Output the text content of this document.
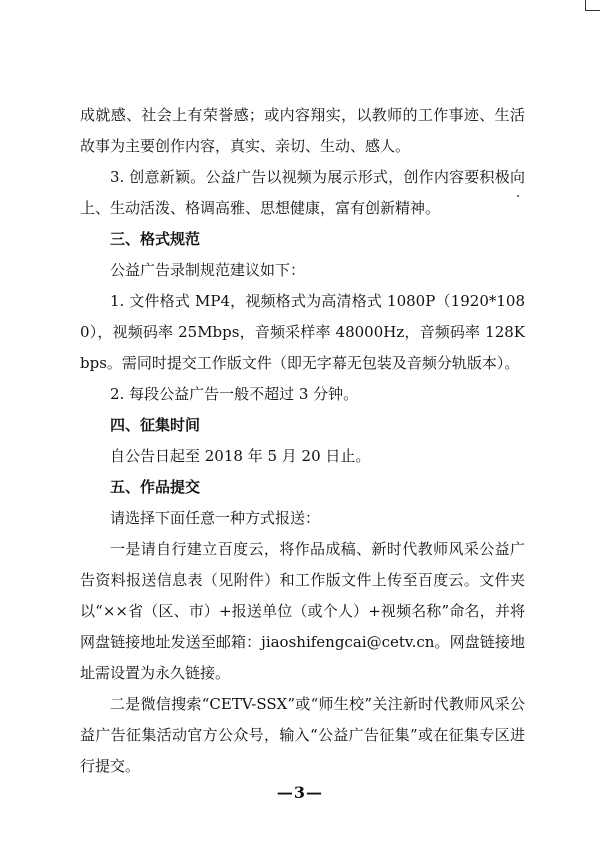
成就感、社会上有荣誉感；或内容翔实，以教师的工作事迹、生活故事为主要创作内容，真实、亲切、生动、感人。

3. 创意新颖。公益广告以视频为展示形式，创作内容要积极向上、生动活泼、格调高雅、思想健康，富有创新精神。

三、格式规范

公益广告录制规范建议如下：

1. 文件格式 MP4，视频格式为高清格式 1080P（1920*1080），视频码率 25Mbps，音频采样率 48000Hz，音频码率 128Kbps。需同时提交工作版文件（即无字幕无包装及音频分轨版本）。

2. 每段公益广告一般不超过 3 分钟。

四、征集时间

自公告日起至 2018 年 5 月 20 日止。

五、作品提交

请选择下面任意一种方式报送：

一是请自行建立百度云，将作品成稿、新时代教师风采公益广告资料报送信息表（见附件）和工作版文件上传至百度云。文件夹以“××省（区、市）+报送单位（或个人）+视频名称”命名，并将网盘链接地址发送至邮箱：jiaoshifengcai@cetv.cn。网盘链接地址需设置为永久链接。

二是微信搜索“CETV-SSX”或“师生校”关注新时代教师风采公益广告征集活动官方公众号，输入“公益广告征集”或在征集专区进行提交。

—3—
